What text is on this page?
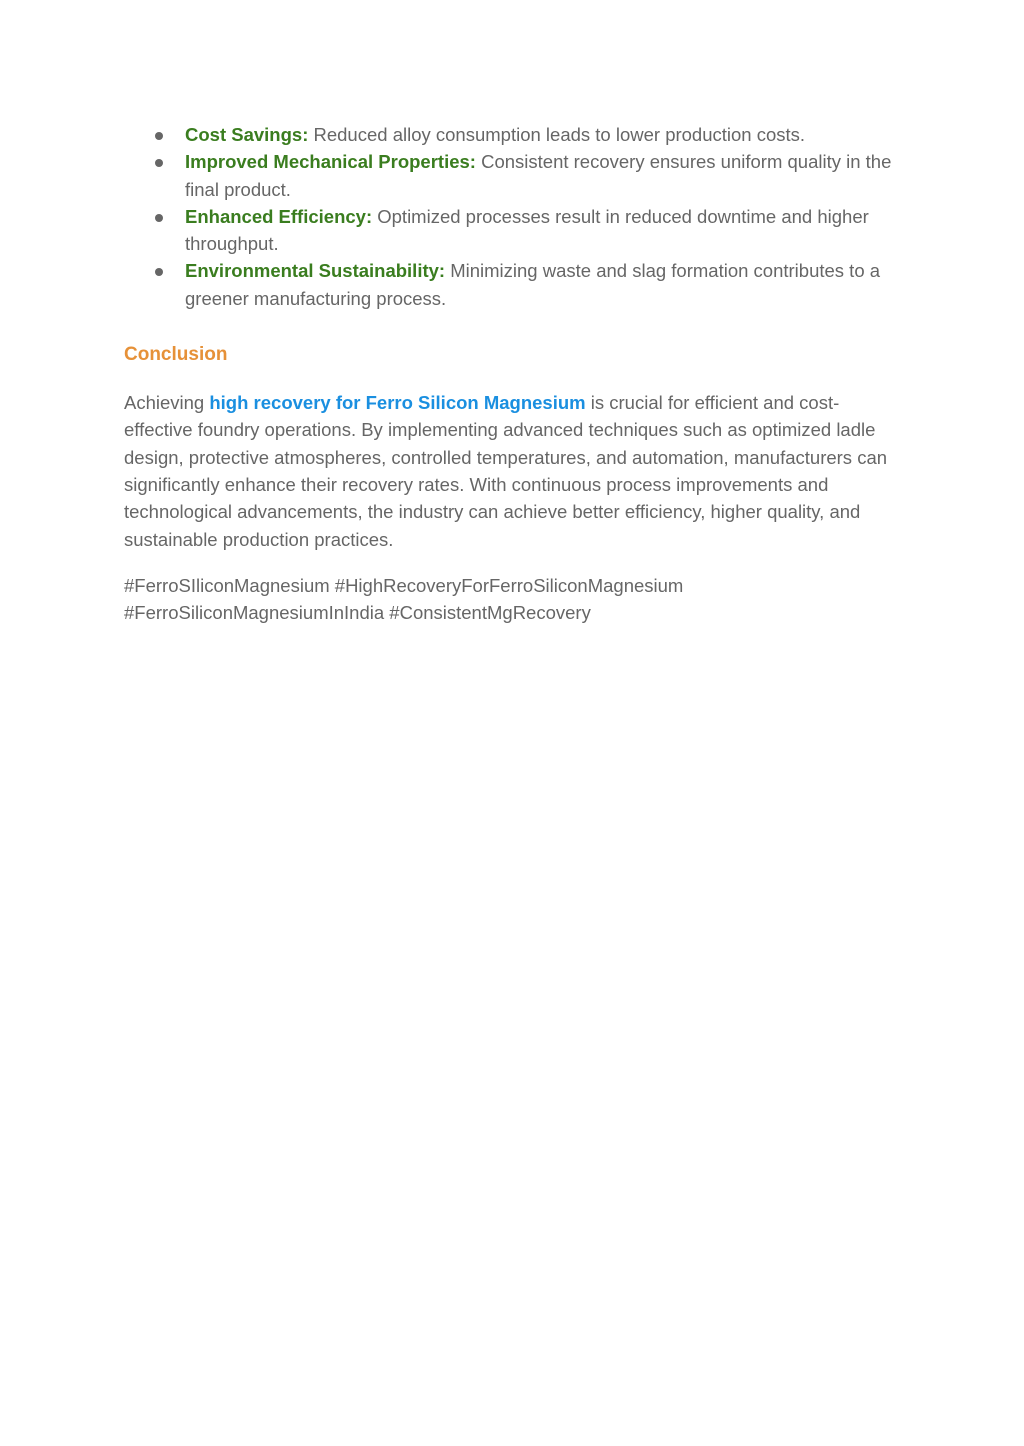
Cost Savings: Reduced alloy consumption leads to lower production costs.
Improved Mechanical Properties: Consistent recovery ensures uniform quality in the final product.
Enhanced Efficiency: Optimized processes result in reduced downtime and higher throughput.
Environmental Sustainability: Minimizing waste and slag formation contributes to a greener manufacturing process.
Conclusion

Achieving high recovery for Ferro Silicon Magnesium is crucial for efficient and cost-effective foundry operations. By implementing advanced techniques such as optimized ladle design, protective atmospheres, controlled temperatures, and automation, manufacturers can significantly enhance their recovery rates. With continuous process improvements and technological advancements, the industry can achieve better efficiency, higher quality, and sustainable production practices.

#FerroSIliconMagnesium #HighRecoveryForFerroSiliconMagnesium
#FerroSiliconMagnesiumInIndia #ConsistentMgRecovery
